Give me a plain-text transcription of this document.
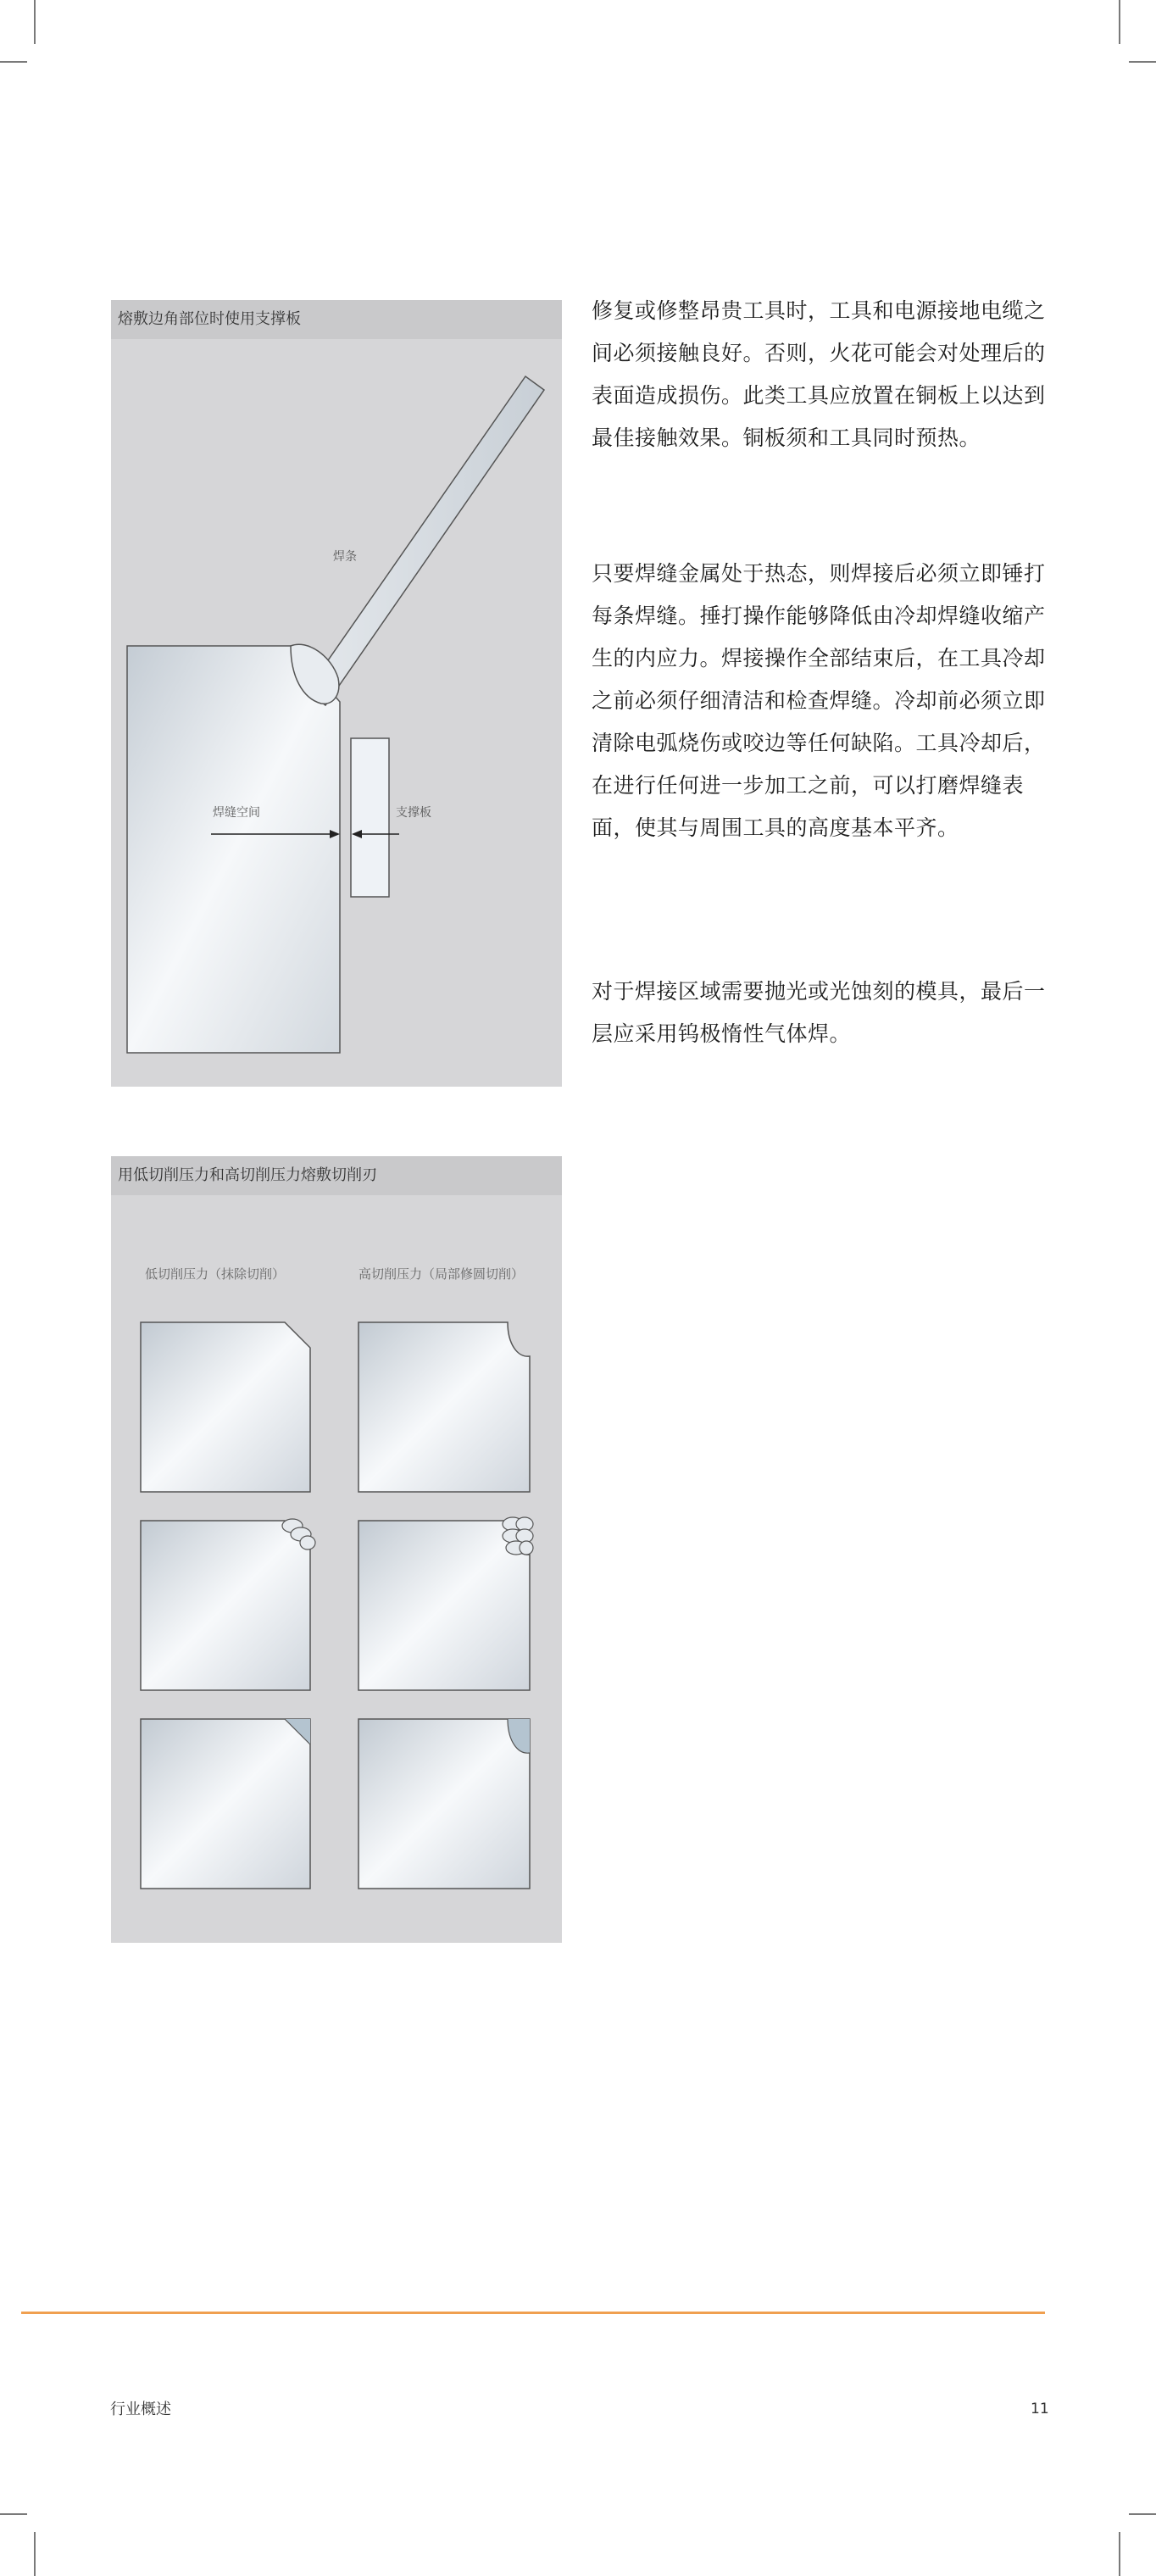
熔敷边角部位时使用支撑板
焊条
焊缝空间	支撑板

修复或修整昂贵工具时，工具和电源接地电缆之间必须接触良好。否则，火花可能会对处理后的表面造成损伤。此类工具应放置在铜板上以达到最佳接触效果。铜板须和工具同时预热。

只要焊缝金属处于热态，则焊接后必须立即锤打每条焊缝。捶打操作能够降低由冷却焊缝收缩产生的内应力。焊接操作全部结束后，在工具冷却之前必须仔细清洁和检查焊缝。冷却前必须立即清除电弧烧伤或咬边等任何缺陷。工具冷却后，在进行任何进一步加工之前，可以打磨焊缝表面，使其与周围工具的高度基本平齐。

对于焊接区域需要抛光或光蚀刻的模具，最后一层应采用钨极惰性气体焊。

用低切削压力和高切削压力熔敷切削刃
低切削压力（抹除切削）	高切削压力（局部修圆切削）
行业概述	11
